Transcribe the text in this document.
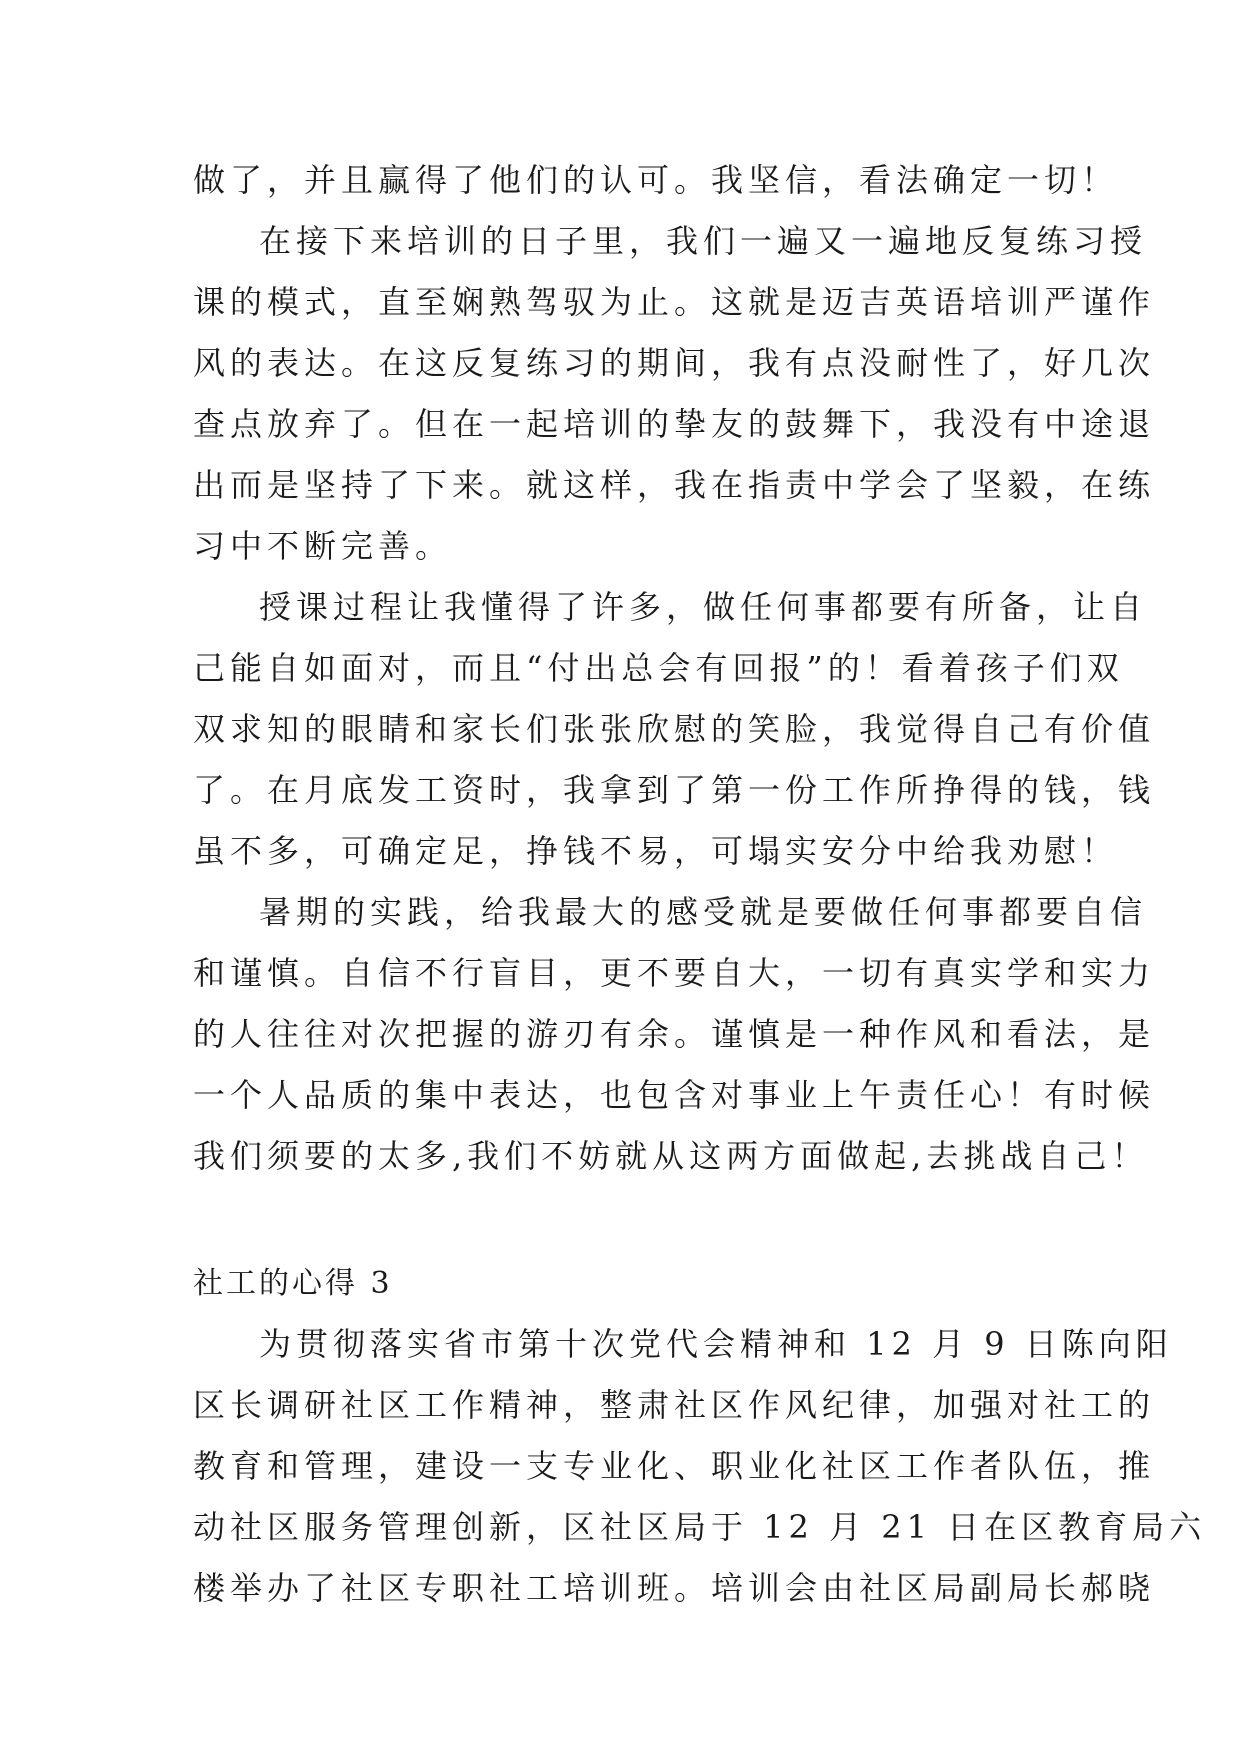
做了，并且赢得了他们的认可。我坚信，看法确定一切！
在接下来培训的日子里，我们一遍又一遍地反复练习授
课的模式，直至娴熟驾驭为止。这就是迈吉英语培训严谨作
风的表达。在这反复练习的期间，我有点没耐性了，好几次
查点放弃了。但在一起培训的挚友的鼓舞下，我没有中途退
出而是坚持了下来。就这样，我在指责中学会了坚毅，在练
习中不断完善。
授课过程让我懂得了许多，做任何事都要有所备，让自
己能自如面对，而且“付出总会有回报”的！看着孩子们双
双求知的眼睛和家长们张张欣慰的笑脸，我觉得自己有价值
了。在月底发工资时，我拿到了第一份工作所挣得的钱，钱
虽不多，可确定足，挣钱不易，可塌实安分中给我劝慰！
暑期的实践，给我最大的感受就是要做任何事都要自信
和谨慎。自信不行盲目，更不要自大，一切有真实学和实力
的人往往对次把握的游刃有余。谨慎是一种作风和看法，是
一个人品质的集中表达，也包含对事业上午责任心！有时候
我们须要的太多,我们不妨就从这两方面做起,去挑战自己！
社工的心得 3
为贯彻落实省市第十次党代会精神和 12 月 9 日陈向阳
区长调研社区工作精神，整肃社区作风纪律，加强对社工的
教育和管理，建设一支专业化、职业化社区工作者队伍，推
动社区服务管理创新，区社区局于 12 月 21 日在区教育局六
楼举办了社区专职社工培训班。培训会由社区局副局长郝晓
